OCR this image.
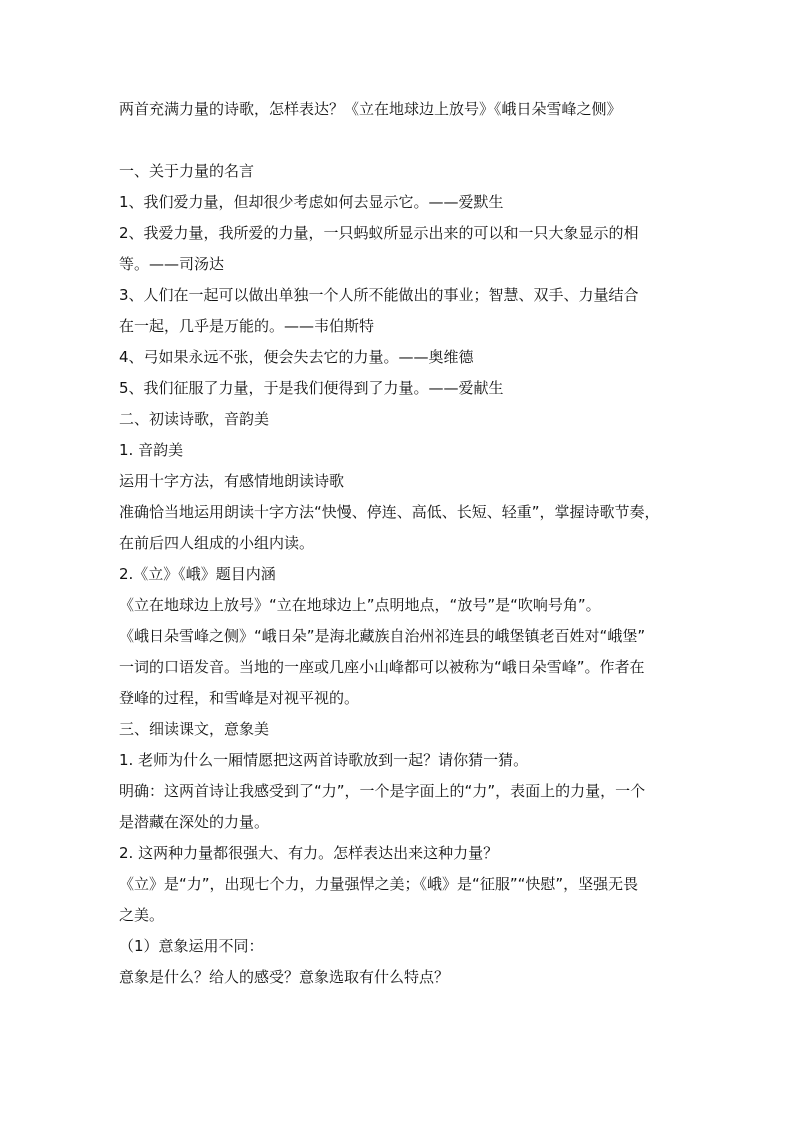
两首充满力量的诗歌，怎样表达？《立在地球边上放号》《峨日朵雪峰之侧》
一、关于力量的名言
1、我们爱力量，但却很少考虑如何去显示它。——爱默生
2、我爱力量，我所爱的力量，一只蚂蚁所显示出来的可以和一只大象显示的相
等。——司汤达
3、人们在一起可以做出单独一个人所不能做出的事业；智慧、双手、力量结合
在一起，几乎是万能的。——韦伯斯特
4、弓如果永远不张，便会失去它的力量。——奥维德
5、我们征服了力量，于是我们便得到了力量。——爱献生
二、初读诗歌，音韵美
1. 音韵美
运用十字方法，有感情地朗读诗歌
准确恰当地运用朗读十字方法“快慢、停连、高低、长短、轻重”，掌握诗歌节奏，
在前后四人组成的小组内读。
2.《立》《峨》题目内涵
《立在地球边上放号》“立在地球边上”点明地点，“放号”是“吹响号角”。
《峨日朵雪峰之侧》“峨日朵”是海北藏族自治州祁连县的峨堡镇老百姓对“峨堡”
一词的口语发音。当地的一座或几座小山峰都可以被称为“峨日朵雪峰”。作者在
登峰的过程，和雪峰是对视平视的。
三、细读课文，意象美
1. 老师为什么一厢情愿把这两首诗歌放到一起？请你猜一猜。
明确：这两首诗让我感受到了“力”，一个是字面上的“力”，表面上的力量，一个
是潜藏在深处的力量。
2. 这两种力量都很强大、有力。怎样表达出来这种力量？
《立》是“力”，出现七个力，力量强悍之美；《峨》是“征服”“快慰”，坚强无畏
之美。
（1）意象运用不同：
意象是什么？给人的感受？意象选取有什么特点？
